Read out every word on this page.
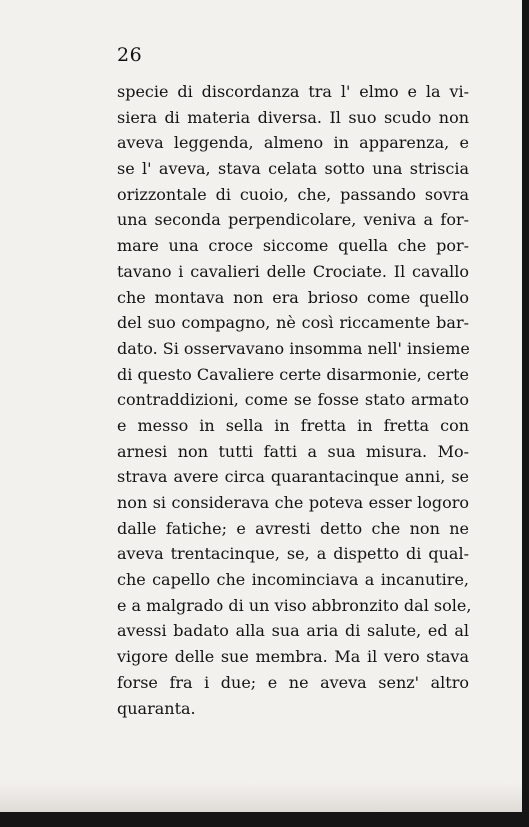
26
specie di discordanza tra l' elmo e la vi-
siera di materia diversa. Il suo scudo non
aveva leggenda, almeno in apparenza, e
se l' aveva, stava celata sotto una striscia
orizzontale di cuoio, che, passando sovra
una seconda perpendicolare, veniva a for-
mare una croce siccome quella che por-
tavano i cavalieri delle Crociate. Il cavallo
che montava non era brioso come quello
del suo compagno, nè così riccamente bar-
dato. Si osservavano insomma nell' insieme
di questo Cavaliere certe disarmonie, certe
contraddizioni, come se fosse stato armato
e messo in sella in fretta in fretta con
arnesi non tutti fatti a sua misura. Mo-
strava avere circa quarantacinque anni, se
non si considerava che poteva esser logoro
dalle fatiche; e avresti detto che non ne
aveva trentacinque, se, a dispetto di qual-
che capello che incominciava a incanutire,
e a malgrado di un viso abbronzito dal sole,
avessi badato alla sua aria di salute, ed al
vigore delle sue membra. Ma il vero stava
forse fra i due; e ne aveva senz' altro
quaranta.
